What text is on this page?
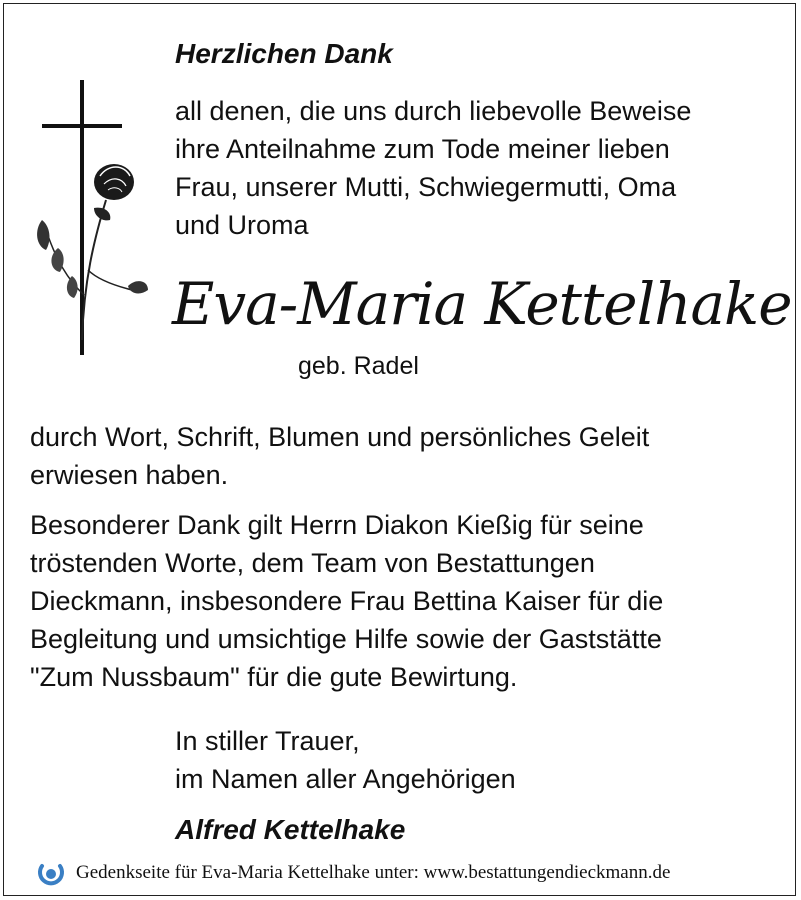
Herzlichen Dank
all denen, die uns durch liebevolle Beweise
ihre Anteilnahme zum Tode meiner lieben
Frau, unserer Mutti, Schwiegermutti, Oma
und Uroma
Eva-Maria Kettelhake
geb. Radel
durch Wort, Schrift, Blumen und persönliches Geleit
erwiesen haben.
Besonderer Dank gilt Herrn Diakon Kießig für seine
tröstenden Worte, dem Team von Bestattungen
Dieckmann, insbesondere Frau Bettina Kaiser für die
Begleitung und umsichtige Hilfe sowie der Gaststätte
"Zum Nussbaum" für die gute Bewirtung.
In stiller Trauer,
im Namen aller Angehörigen
Alfred Kettelhake
Gedenkseite für Eva-Maria Kettelhake unter: www.bestattungendieckmann.de
